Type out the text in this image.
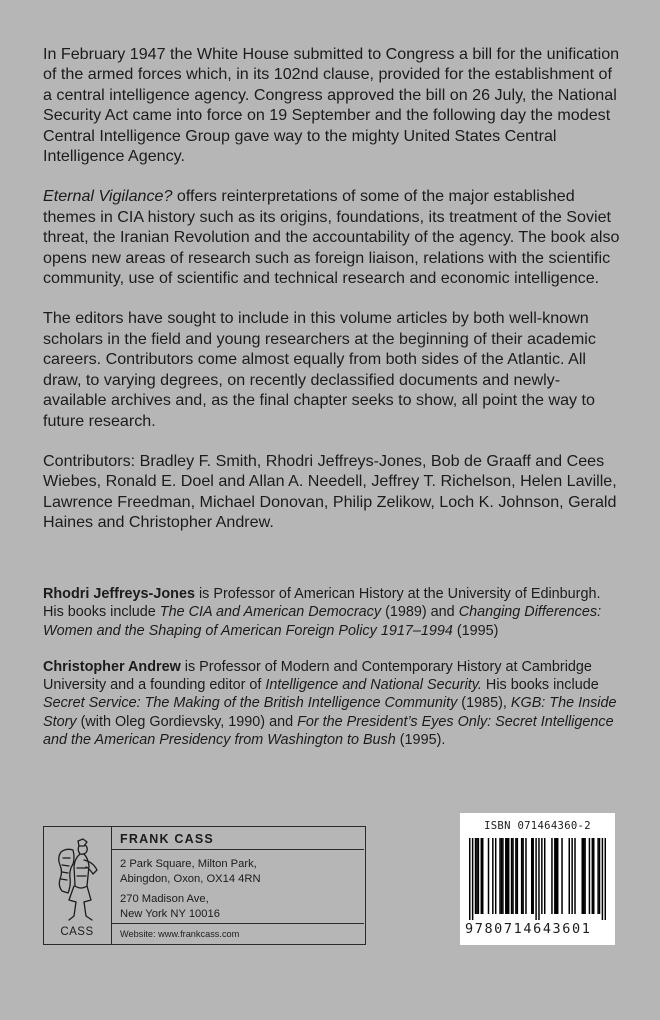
In February 1947 the White House submitted to Congress a bill for the unification of the armed forces which, in its 102nd clause, provided for the establishment of a central intelligence agency. Congress approved the bill on 26 July, the National Security Act came into force on 19 September and the following day the modest Central Intelligence Group gave way to the mighty United States Central Intelligence Agency.

Eternal Vigilance? offers reinterpretations of some of the major established themes in CIA history such as its origins, foundations, its treatment of the Soviet threat, the Iranian Revolution and the accountability of the agency. The book also opens new areas of research such as foreign liaison, relations with the scientific community, use of scientific and technical research and economic intelligence.

The editors have sought to include in this volume articles by both well-known scholars in the field and young researchers at the beginning of their academic careers. Contributors come almost equally from both sides of the Atlantic. All draw, to varying degrees, on recently declassified documents and newly-available archives and, as the final chapter seeks to show, all point the way to future research.

Contributors: Bradley F. Smith, Rhodri Jeffreys-Jones, Bob de Graaff and Cees Wiebes, Ronald E. Doel and Allan A. Needell, Jeffrey T. Richelson, Helen Laville, Lawrence Freedman, Michael Donovan, Philip Zelikow, Loch K. Johnson, Gerald Haines and Christopher Andrew.

Rhodri Jeffreys-Jones is Professor of American History at the University of Edinburgh. His books include The CIA and American Democracy (1989) and Changing Differences: Women and the Shaping of American Foreign Policy 1917–1994 (1995)

Christopher Andrew is Professor of Modern and Contemporary History at Cambridge University and a founding editor of Intelligence and National Security. His books include Secret Service: The Making of the British Intelligence Community (1985), KGB: The Inside Story (with Oleg Gordievsky, 1990) and For the President’s Eyes Only: Secret Intelligence and the American Presidency from Washington to Bush (1995).

CASS
FRANK CASS
2 Park Square, Milton Park,
Abingdon, Oxon, OX14 4RN
270 Madison Ave,
New York NY 10016
Website: www.frankcass.com
ISBN 071464360-2
9780714643601
